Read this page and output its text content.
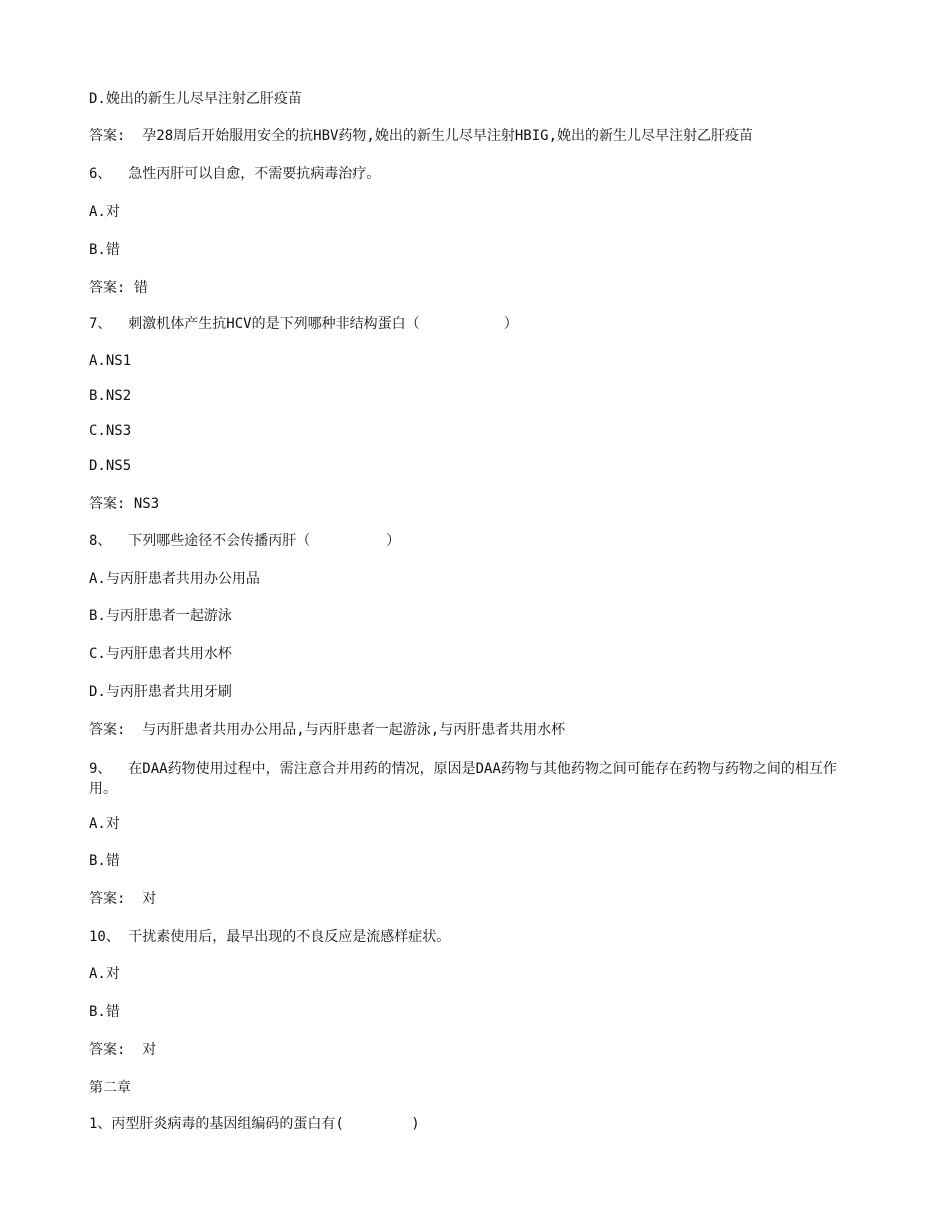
D.娩出的新生儿尽早注射乙肝疫苗

答案:  孕28周后开始服用安全的抗HBV药物,娩出的新生儿尽早注射HBIG,娩出的新生儿尽早注射乙肝疫苗

6、  急性丙肝可以自愈，不需要抗病毒治疗。

A.对

B.错

答案: 错

7、  刺激机体产生抗HCV的是下列哪种非结构蛋白（          ）

A.NS1

B.NS2

C.NS3

D.NS5

答案: NS3

8、  下列哪些途径不会传播丙肝（         ）

A.与丙肝患者共用办公用品

B.与丙肝患者一起游泳

C.与丙肝患者共用水杯

D.与丙肝患者共用牙刷

答案:  与丙肝患者共用办公用品,与丙肝患者一起游泳,与丙肝患者共用水杯

9、  在DAA药物使用过程中，需注意合并用药的情况，原因是DAA药物与其他药物之间可能存在药物与药物之间的相互作用。

A.对

B.错

答案:  对

10、 干扰素使用后，最早出现的不良反应是流感样症状。

A.对

B.错

答案:  对

第二章

1、丙型肝炎病毒的基因组编码的蛋白有(        )
